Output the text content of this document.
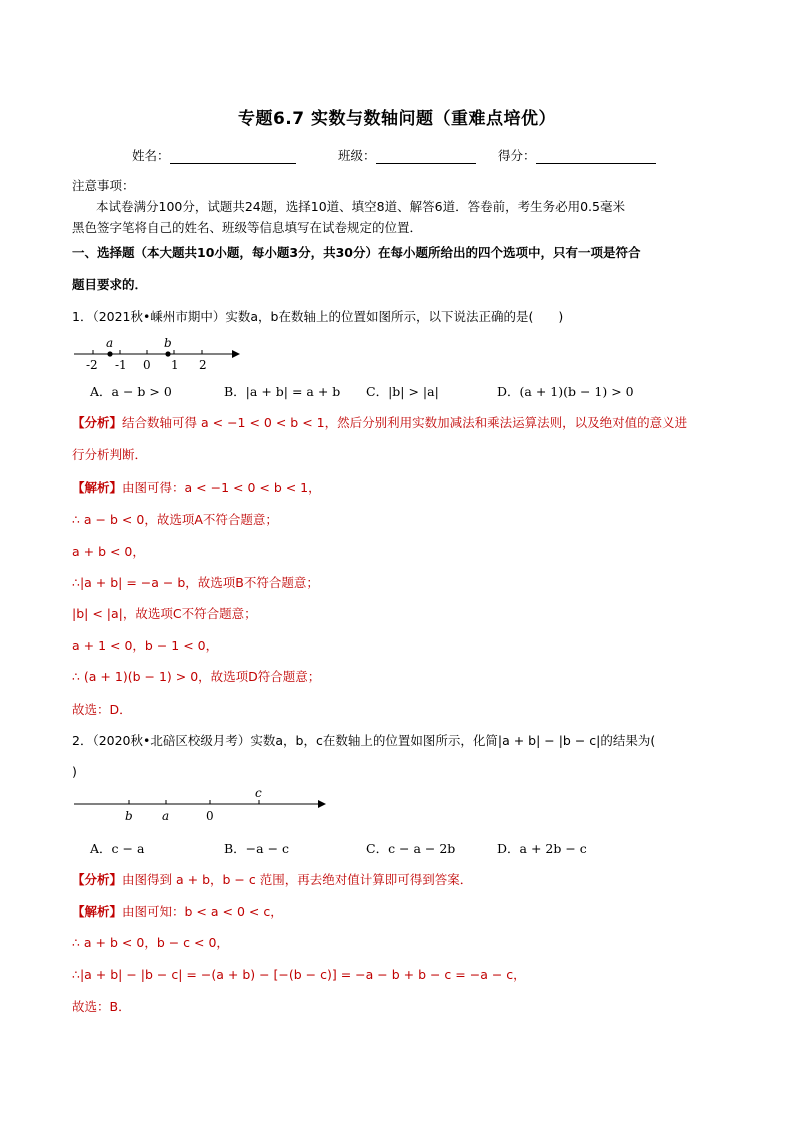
专题6.7 实数与数轴问题（重难点培优）
姓名：	班级：	得分：
注意事项：
本试卷满分100分，试题共24题，选择10道、填空8道、解答6道．答卷前，考生务必用0.5毫米
黑色签字笔将自己的姓名、班级等信息填写在试卷规定的位置．
一、选择题（本大题共10小题，每小题3分，共30分）在每小题所给出的四个选项中，只有一项是符合
题目要求的．
1．（2021秋•嵊州市期中）实数a，b在数轴上的位置如图所示，以下说法正确的是(　　)
a	b
-2 -1 0 1 2
A．a − b > 0	B．|a + b| = a + b C．|b| > |a|	D．(a + 1)(b − 1) > 0
【分析】结合数轴可得 a < −1 < 0 < b < 1，然后分别利用实数加减法和乘法运算法则，以及绝对值的意义进
行分析判断．
【解析】由图可得：a < −1 < 0 < b < 1，
∴ a − b < 0，故选项A不符合题意；
a + b < 0，
∴|a + b| = −a − b，故选项B不符合题意；
|b| < |a|，故选项C不符合题意；
a + 1 < 0，b − 1 < 0，
∴ (a + 1)(b − 1) > 0，故选项D符合题意；
故选：D．
2．（2020秋•北碚区校级月考）实数a，b，c在数轴上的位置如图所示，化简|a + b| − |b − c|的结果为(
)
b a	0
c
A．c − a	B．−a − c	C．c − a − 2b	D．a + 2b − c
【分析】由图得到 a + b，b − c 范围，再去绝对值计算即可得到答案．
【解析】由图可知：b < a < 0 < c，
∴ a + b < 0，b − c < 0，
∴|a + b| − |b − c| = −(a + b) − [−(b − c)] = −a − b + b − c = −a − c，
故选：B．
